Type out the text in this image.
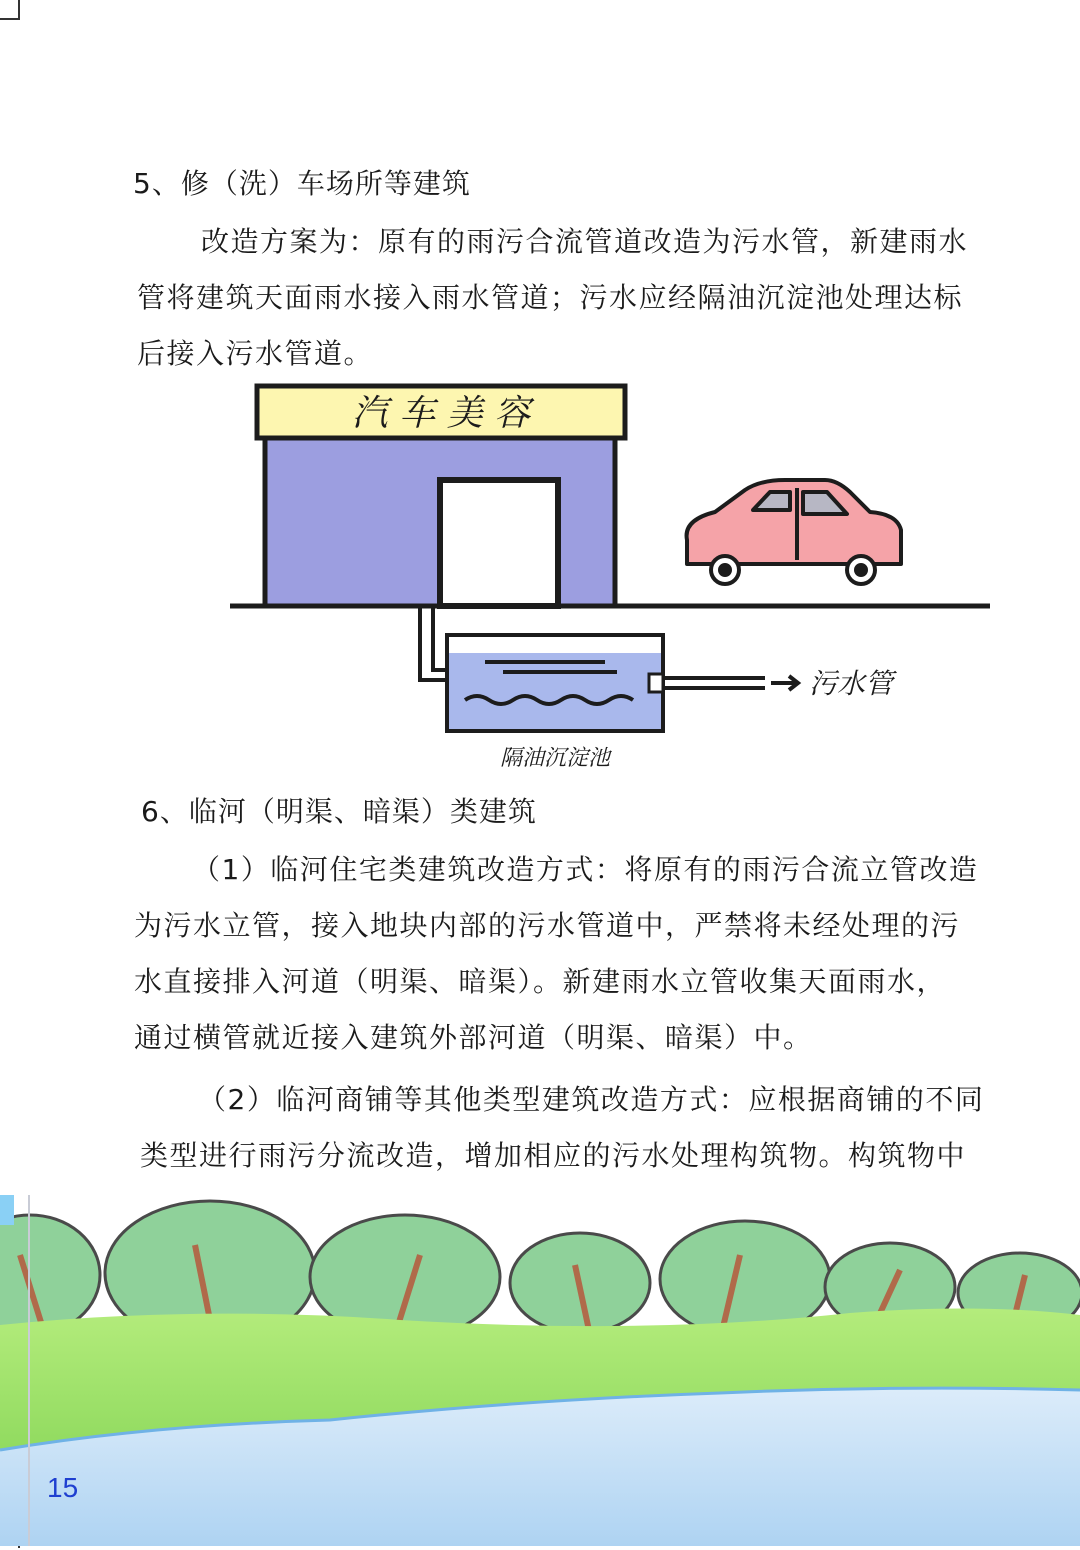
5、修（洗）车场所等建筑

改造方案为：原有的雨污合流管道改造为污水管，新建雨水

管将建筑天面雨水接入雨水管道；污水应经隔油沉淀池处理达标

后接入污水管道。

汽 车 美 容
污水管
隔油沉淀池
6、临河（明渠、暗渠）类建筑

（1）临河住宅类建筑改造方式：将原有的雨污合流立管改造

为污水立管，接入地块内部的污水管道中，严禁将未经处理的污

水直接排入河道（明渠、暗渠）。新建雨水立管收集天面雨水，

通过横管就近接入建筑外部河道（明渠、暗渠）中。

（2）临河商铺等其他类型建筑改造方式：应根据商铺的不同

类型进行雨污分流改造，增加相应的污水处理构筑物。构筑物中

15
